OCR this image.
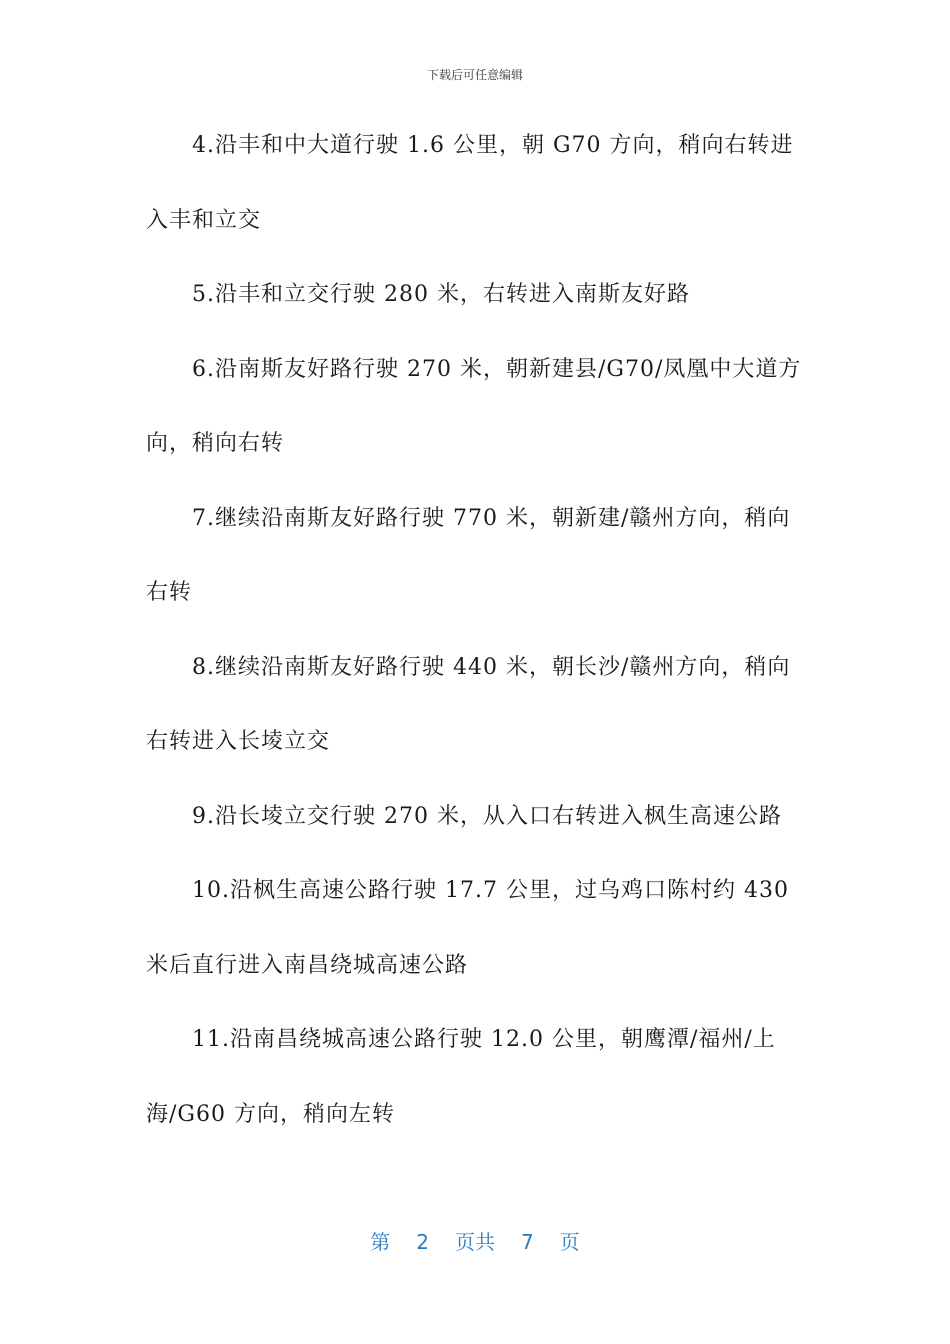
下载后可任意编辑
4.沿丰和中大道行驶 1.6 公里，朝 G70 方向，稍向右转进
入丰和立交
5.沿丰和立交行驶 280 米，右转进入南斯友好路
6.沿南斯友好路行驶 270 米，朝新建县/G70/凤凰中大道方
向，稍向右转
7.继续沿南斯友好路行驶 770 米，朝新建/赣州方向，稍向
右转
8.继续沿南斯友好路行驶 440 米，朝长沙/赣州方向，稍向
右转进入长堎立交
9.沿长堎立交行驶 270 米，从入口右转进入枫生高速公路
10.沿枫生高速公路行驶 17.7 公里，过乌鸡口陈村约 430
米后直行进入南昌绕城高速公路
11.沿南昌绕城高速公路行驶 12.0 公里，朝鹰潭/福州/上
海/G60 方向，稍向左转
第 2 页共 7 页
